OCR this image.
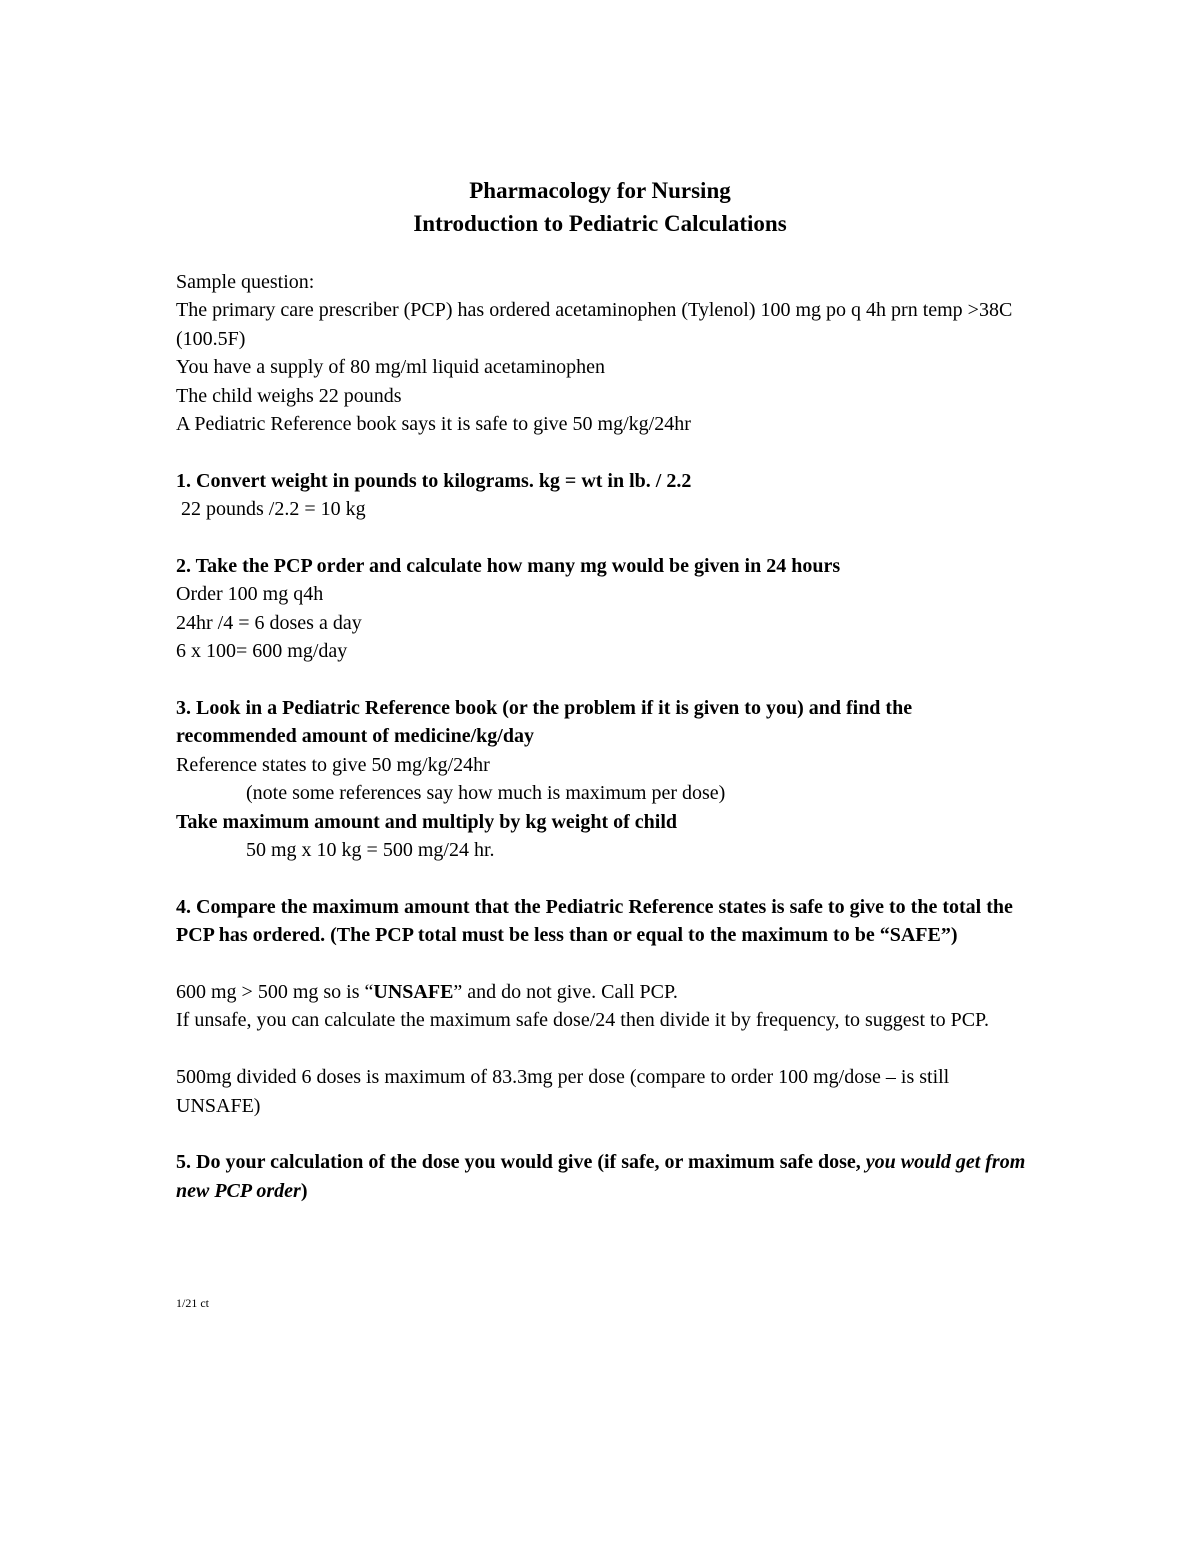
Pharmacology for Nursing
Introduction to Pediatric Calculations

Sample question:

The primary care prescriber (PCP) has ordered acetaminophen (Tylenol) 100 mg po q 4h prn temp >38C (100.5F)

You have a supply of 80 mg/ml liquid acetaminophen

The child weighs 22 pounds

A Pediatric Reference book says it is safe to give 50 mg/kg/24hr

1. Convert weight in pounds to kilograms. kg = wt in lb. / 2.2

22 pounds /2.2 = 10 kg

2. Take the PCP order and calculate how many mg would be given in 24 hours

Order 100 mg q4h

24hr /4 = 6 doses a day

6 x 100= 600 mg/day

3. Look in a Pediatric Reference book (or the problem if it is given to you) and find the recommended amount of medicine/kg/day

Reference states to give 50 mg/kg/24hr

(note some references say how much is maximum per dose)

Take maximum amount and multiply by kg weight of child

50 mg x 10 kg = 500 mg/24 hr.

4. Compare the maximum amount that the Pediatric Reference states is safe to give to the total the PCP has ordered. (The PCP total must be less than or equal to the maximum to be “SAFE”)

600 mg > 500 mg so is “UNSAFE” and do not give. Call PCP.

If unsafe, you can calculate the maximum safe dose/24 then divide it by frequency, to suggest to PCP.

500mg divided 6 doses is maximum of 83.3mg per dose (compare to order 100 mg/dose – is still UNSAFE)

5. Do your calculation of the dose you would give (if safe, or maximum safe dose, you would get from new PCP order)

1/21 ct
